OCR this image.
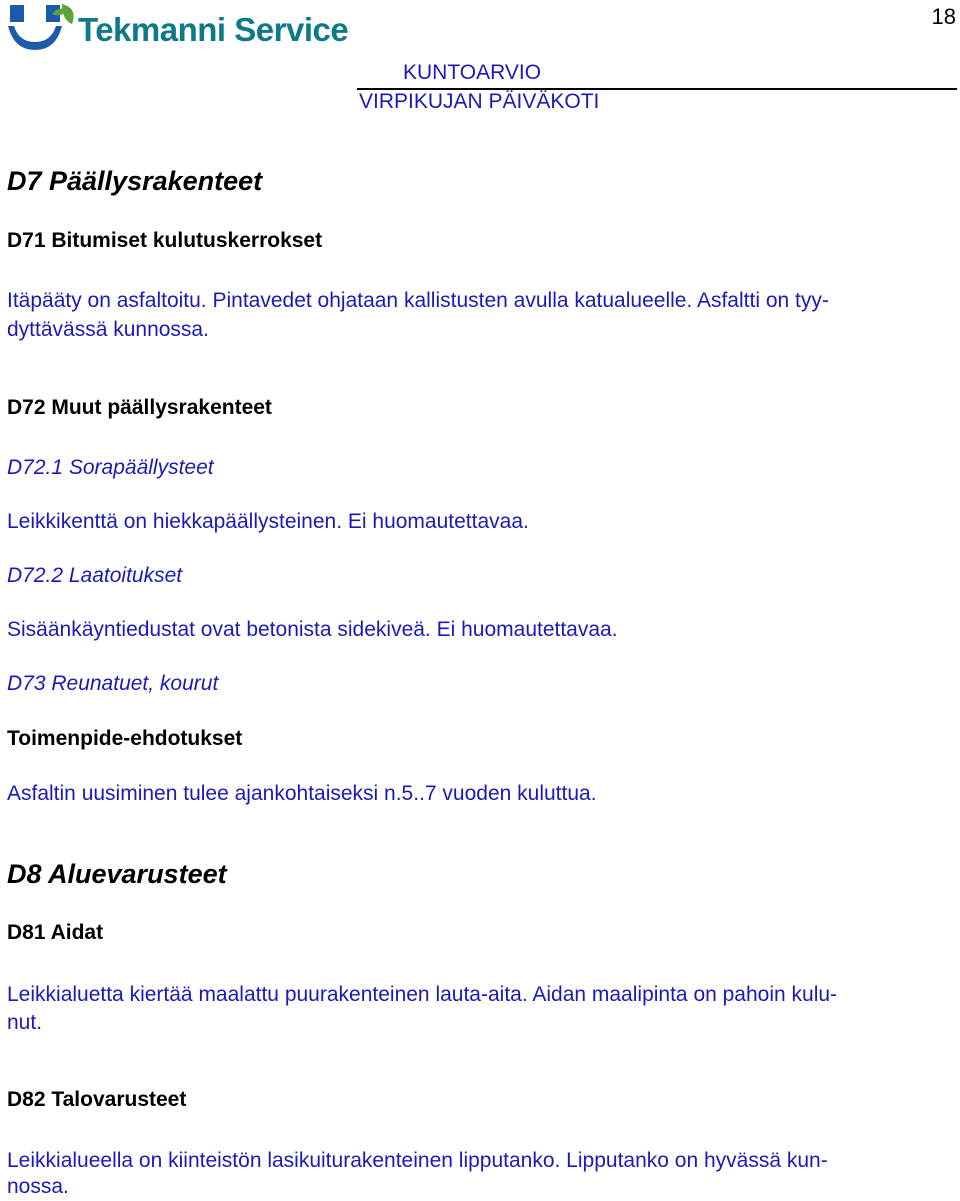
Tekmanni Service	18
KUNTOARVIO
VIRPIKUJAN PÄIVÄKOTI
D7 Päällysrakenteet
D71 Bitumiset kulutuskerrokset
Itäpääty on asfaltoitu. Pintavedet ohjataan kallistusten avulla katualueelle. Asfaltti on tyy-
dyttävässä kunnossa.
D72 Muut päällysrakenteet
D72.1 Sorapäällysteet
Leikkikenttä on hiekkapäällysteinen. Ei huomautettavaa.
D72.2 Laatoitukset
Sisäänkäyntiedustat ovat betonista sidekiveä. Ei huomautettavaa.
D73 Reunatuet, kourut
Toimenpide-ehdotukset
Asfaltin uusiminen tulee ajankohtaiseksi n.5..7 vuoden kuluttua.
D8 Aluevarusteet
D81 Aidat
Leikkialuetta kiertää maalattu puurakenteinen lauta-aita. Aidan maalipinta on pahoin kulu-
nut.
D82 Talovarusteet
Leikkialueella on kiinteistön lasikuiturakenteinen lipputanko. Lipputanko on hyvässä kun-
nossa.
